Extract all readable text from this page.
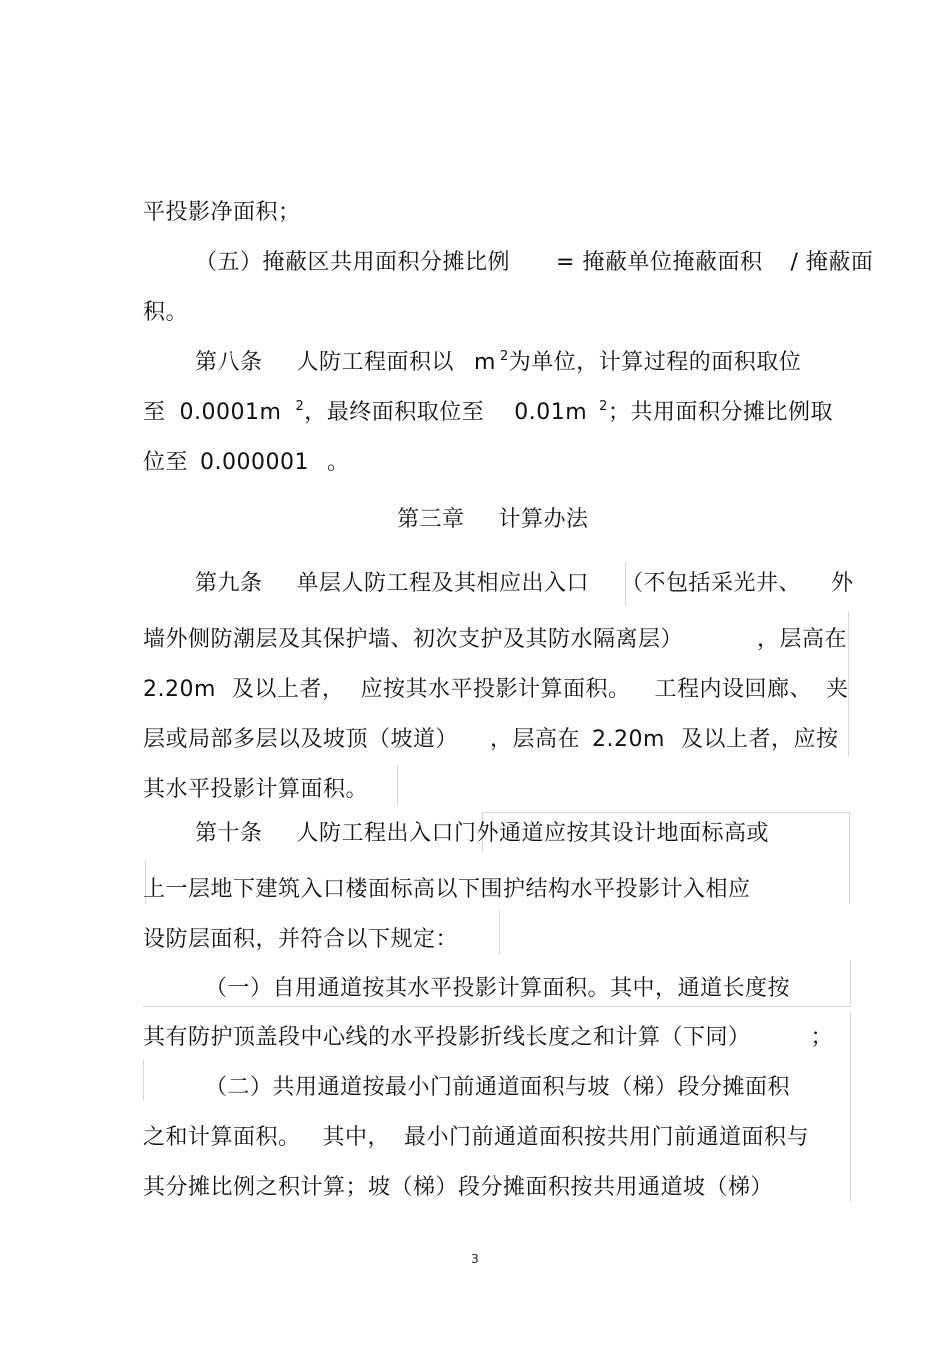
平投影净面积；
（五）掩蔽区共用面积分摊比例 = 掩蔽单位掩蔽面积 / 掩蔽面
积。
第八条 人防工程面积以 m $^2$为单位，计算过程的面积取位
至 0.0001m $^2$，最终面积取位至 0.01m $^2$；共用面积分摊比例取
位至 0.000001 。
第三章 计算办法
第九条 单层人防工程及其相应出入口 （不包括采光井、 外
墙外侧防潮层及其保护墙、初次支护及其防水隔离层）	，层高在
2.20m 及以上者， 应按其水平投影计算面积。 工程内设回廊、 夹
层或局部多层以及坡顶（坡道） ，层高在 2.20m 及以上者，应按
其水平投影计算面积。
第十条 人防工程出入口门外通道应按其设计地面标高或
上一层地下建筑入口楼面标高以下围护结构水平投影计入相应
设防层面积，并符合以下规定：
（一）自用通道按其水平投影计算面积。其中，通道长度按
其有防护顶盖段中心线的水平投影折线长度之和计算（下同）	；
（二）共用通道按最小门前通道面积与坡（梯）段分摊面积
之和计算面积。 其中， 最小门前通道面积按共用门前通道面积与
其分摊比例之积计算；坡（梯）段分摊面积按共用通道坡（梯）
3
